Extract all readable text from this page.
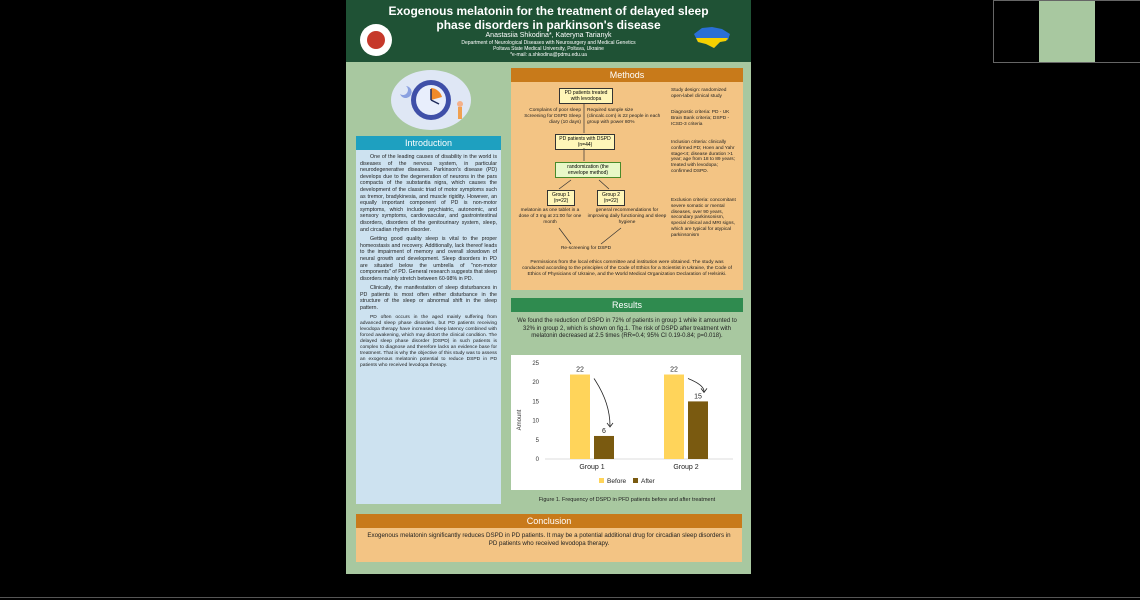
Exogenous melatonin for the treatment of delayed sleep phase disorders in parkinson's disease
Anastasiia Shkodina*, Kateryna Tarianyk
Department of Neurological Diseases with Neurosurgery and Medical Genetics
Poltava State Medical University, Poltava, Ukraine
*e-mail: a.shkodina@pdmu.edu.ua
Introduction

One of the leading causes of disability in the world is diseases of the nervous system, in particular neurodegenerative diseases. Parkinson's disease (PD) develops due to the degeneration of neurons in the pars compacta of the substantia nigra, which causes the development of the classic triad of motor symptoms such as tremor, bradykinesia, and muscle rigidity. However, an equally important component of PD is non-motor symptoms, which include psychiatric, autonomic, and sensory symptoms, cardiovascular, and gastrointestinal disorders, disorders of the genitourinary system, sleep, and circadian rhythm disorder.

Getting good quality sleep is vital to the proper homeostasis and recovery. Additionally, lack thereof leads to the impairment of memory and overall slowdown of neural growth and development. Sleep disorders in PD are situated below the umbrella of "non-motor components" of PD. General research suggests that sleep disorders mainly stretch between 60-98% in PD.

Clinically, the manifestation of sleep disturbances in PD patients is most often either disturbance in the structure of the sleep or abnormal shift in the sleep pattern.

PD often occurs in the aged mainly suffering from advanced sleep phase disorders, but PD patients receiving levodopa therapy have increased sleep latency combined with forced awakening, which may distort the clinical condition. The delayed sleep phase disorder (DSPD) in such patients is complex to diagnose and therefore lacks an evidence base for treatment. That is why the objective of this study was to assess an exogenous melatonin potential to reduce DSPD in PD patients who received levodopa therapy.

Methods
PD patients treated with levodopa
Complains of poor sleep Screening for DSPD Sleep diary (10 days)
Required sample size (clincalc.com) is 22 people in each group with power 80%
PD patients with DSPD (n=44)
randomization (the envelope method)
Group 1 (n=22)
Group 2 (n=22)
melatonin as one tablet in a dose of 3 mg at 21:00 for one month
general recommendations for improving daily functioning and sleep hygiene
Re-screening for DSPD
Study design: randomized open-label clinical study
Diagnostic criteria: PD - UK Brain Bank criteria; DSPD - ICSD-3 criteria
Inclusion criteria: clinically confirmed PD; Hoen and Yahr stage<4; disease duration >1 year; age from 18 to 89 years; treated with levodopa; confirmed DSPD.
Exclusion criteria: concomitant severe somatic or mental diseases, over 90 years, secondary parkinsonism, special clinical and MRI signs, which are typical for atypical parkinsonism
Permissions from the local ethics committee and institution were obtained. The study was conducted according to the principles of the Code of Ethics for a Scientist in Ukraine, the Code of Ethics of Physicians of Ukraine, and the World Medical Organization Declaration of Helsinki.
Results
We found the reduction of DSPD in 72% of patients in group 1 while it amounted to 32% in group 2, which is shown on fig.1. The risk of DSPD after treatment with melatonin decreased at 2.5 times (RR=0.4; 95% CI 0.19-0.84; p=0.018).
Amount
0
5
10
15
20
25
22
6
Group 1
22
15
Group 2
Before After
Figure 1. Frequency of DSPD in PFD patients before and after treatment
Conclusion
Exogenous melatonin significantly reduces DSPD in PD patients. It may be a potential additional drug for circadian sleep disorders in PD patients who received levodopa therapy.
